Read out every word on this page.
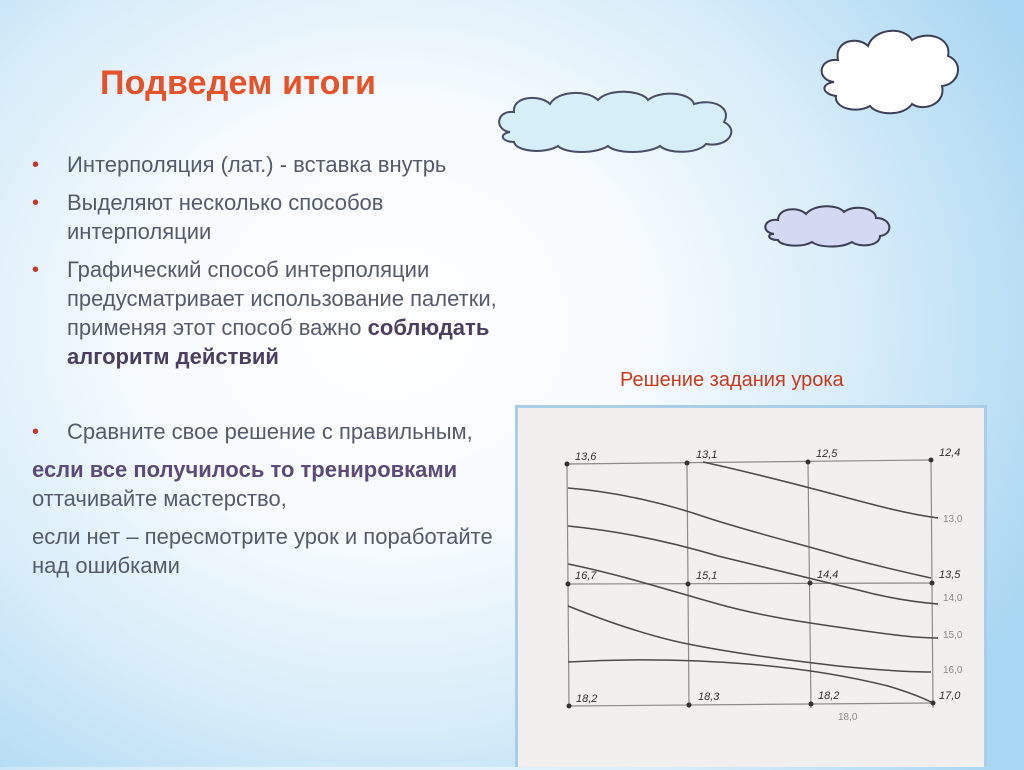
Подведем итоги
• Интерполяция (лат.) - вставка внутрь
• Выделяют несколько способов интерполяции
• Графический способ интерполяции предусматривает использование палетки, применяя этот способ важно соблюдать алгоритм действий
• Сравните свое решение с правильным,
если все получилось то тренировками оттачивайте мастерство,
если нет – пересмотрите урок и поработайте над ошибками
Решение задания урока
13,6	13,1	12,5	12,4
16,7	15,1	14,4	13,5
18,2	18,3	18,2	17,0
13,0
14,0
15,0
16,0
18,0
